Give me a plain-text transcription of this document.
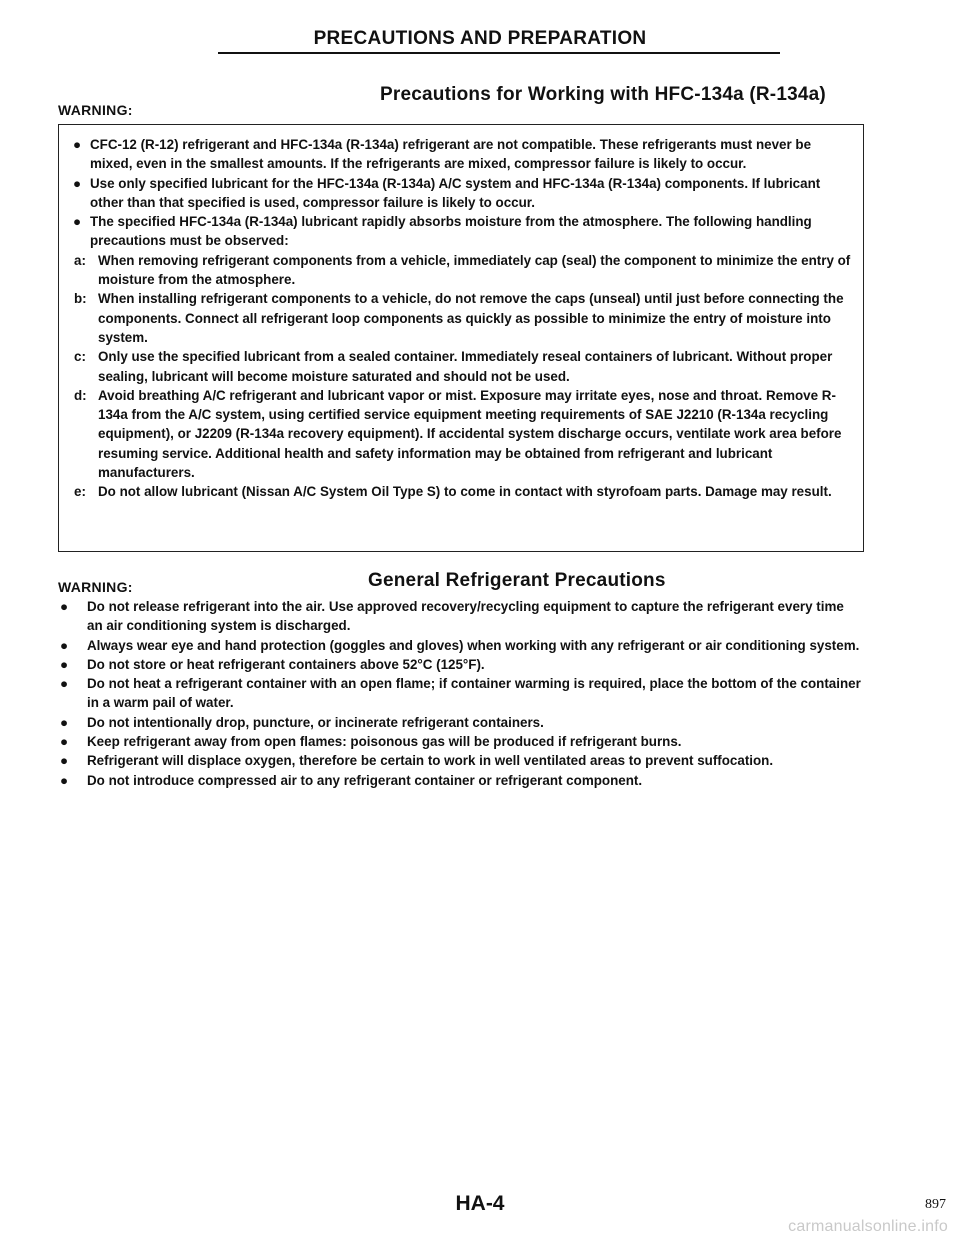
PRECAUTIONS AND PREPARATION
Precautions for Working with HFC-134a (R-134a)
WARNING:
● CFC-12 (R-12) refrigerant and HFC-134a (R-134a) refrigerant are not compatible. These refrigerants must never be mixed, even in the smallest amounts. If the refrigerants are mixed, compressor failure is likely to occur.
● Use only specified lubricant for the HFC-134a (R-134a) A/C system and HFC-134a (R-134a) components. If lubricant other than that specified is used, compressor failure is likely to occur.
● The specified HFC-134a (R-134a) lubricant rapidly absorbs moisture from the atmosphere. The following handling precautions must be observed:
a: When removing refrigerant components from a vehicle, immediately cap (seal) the component to minimize the entry of moisture from the atmosphere.
b: When installing refrigerant components to a vehicle, do not remove the caps (unseal) until just before connecting the components. Connect all refrigerant loop components as quickly as possible to minimize the entry of moisture into system.
c: Only use the specified lubricant from a sealed container. Immediately reseal containers of lubricant. Without proper sealing, lubricant will become moisture saturated and should not be used.
d: Avoid breathing A/C refrigerant and lubricant vapor or mist. Exposure may irritate eyes, nose and throat. Remove R-134a from the A/C system, using certified service equipment meeting requirements of SAE J2210 (R-134a recycling equipment), or J2209 (R-134a recovery equipment). If accidental system discharge occurs, ventilate work area before resuming service. Additional health and safety information may be obtained from refrigerant and lubricant manufacturers.
e: Do not allow lubricant (Nissan A/C System Oil Type S) to come in contact with styrofoam parts. Damage may result.
WARNING:	General Refrigerant Precautions
● Do not release refrigerant into the air. Use approved recovery/recycling equipment to capture the refrigerant every time an air conditioning system is discharged.
● Always wear eye and hand protection (goggles and gloves) when working with any refrigerant or air conditioning system.
● Do not store or heat refrigerant containers above 52°C (125°F).
● Do not heat a refrigerant container with an open flame; if container warming is required, place the bottom of the container in a warm pail of water.
● Do not intentionally drop, puncture, or incinerate refrigerant containers.
● Keep refrigerant away from open flames: poisonous gas will be produced if refrigerant burns.
● Refrigerant will displace oxygen, therefore be certain to work in well ventilated areas to prevent suffocation.
● Do not introduce compressed air to any refrigerant container or refrigerant component.
HA-4	897
carmanualsonline.info
